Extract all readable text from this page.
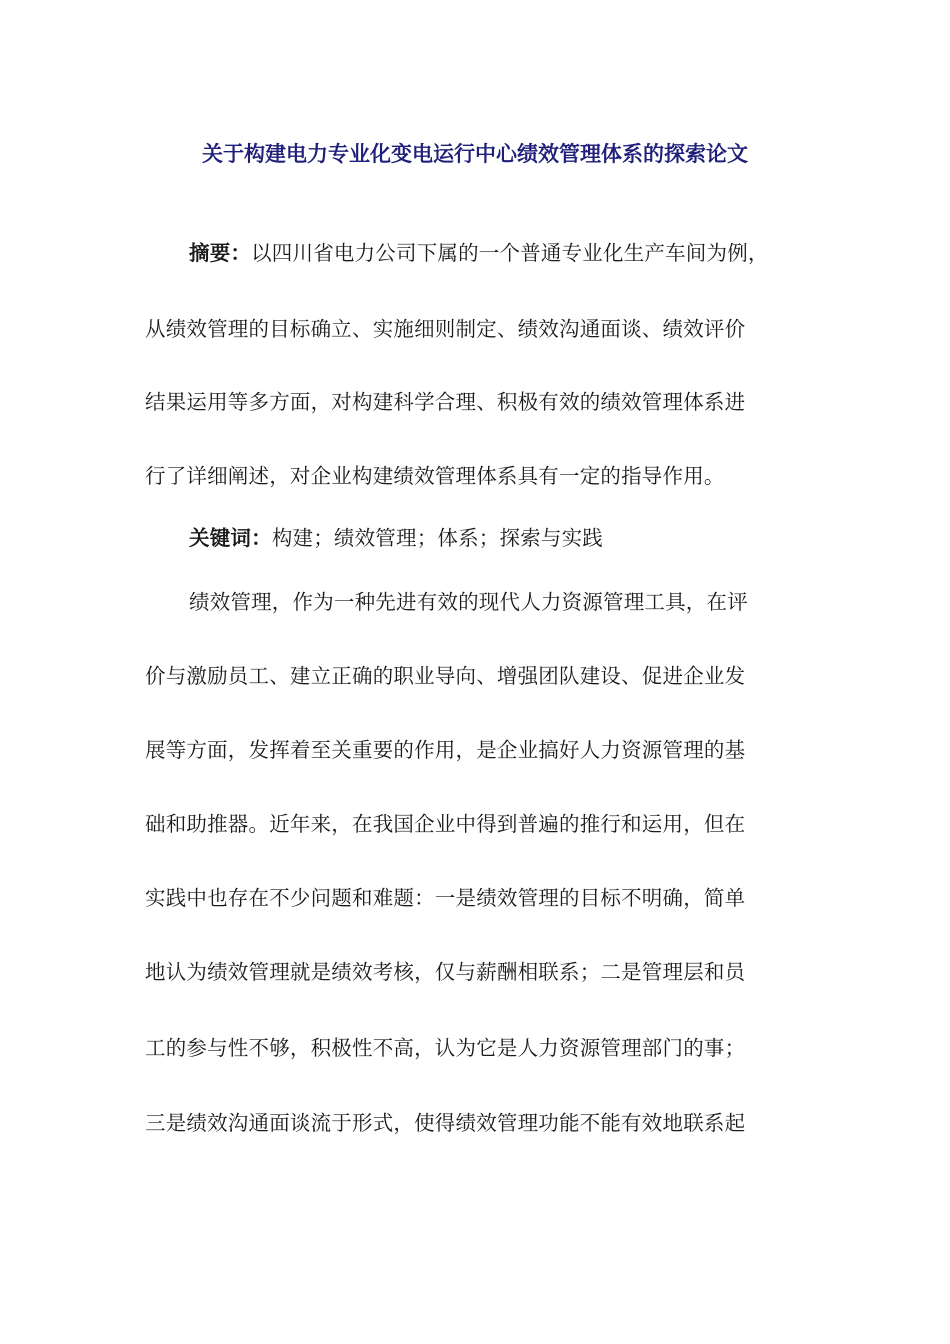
关于构建电力专业化变电运行中心绩效管理体系的探索论文
摘要：以四川省电力公司下属的一个普通专业化生产车间为例，
从绩效管理的目标确立、实施细则制定、绩效沟通面谈、绩效评价
结果运用等多方面，对构建科学合理、积极有效的绩效管理体系进
行了详细阐述，对企业构建绩效管理体系具有一定的指导作用。
关键词：构建；绩效管理；体系；探索与实践
绩效管理，作为一种先进有效的现代人力资源管理工具，在评
价与激励员工、建立正确的职业导向、增强团队建设、促进企业发
展等方面，发挥着至关重要的作用，是企业搞好人力资源管理的基
础和助推器。近年来，在我国企业中得到普遍的推行和运用，但在
实践中也存在不少问题和难题：一是绩效管理的目标不明确，简单
地认为绩效管理就是绩效考核，仅与薪酬相联系；二是管理层和员
工的参与性不够，积极性不高，认为它是人力资源管理部门的事；
三是绩效沟通面谈流于形式，使得绩效管理功能不能有效地联系起
